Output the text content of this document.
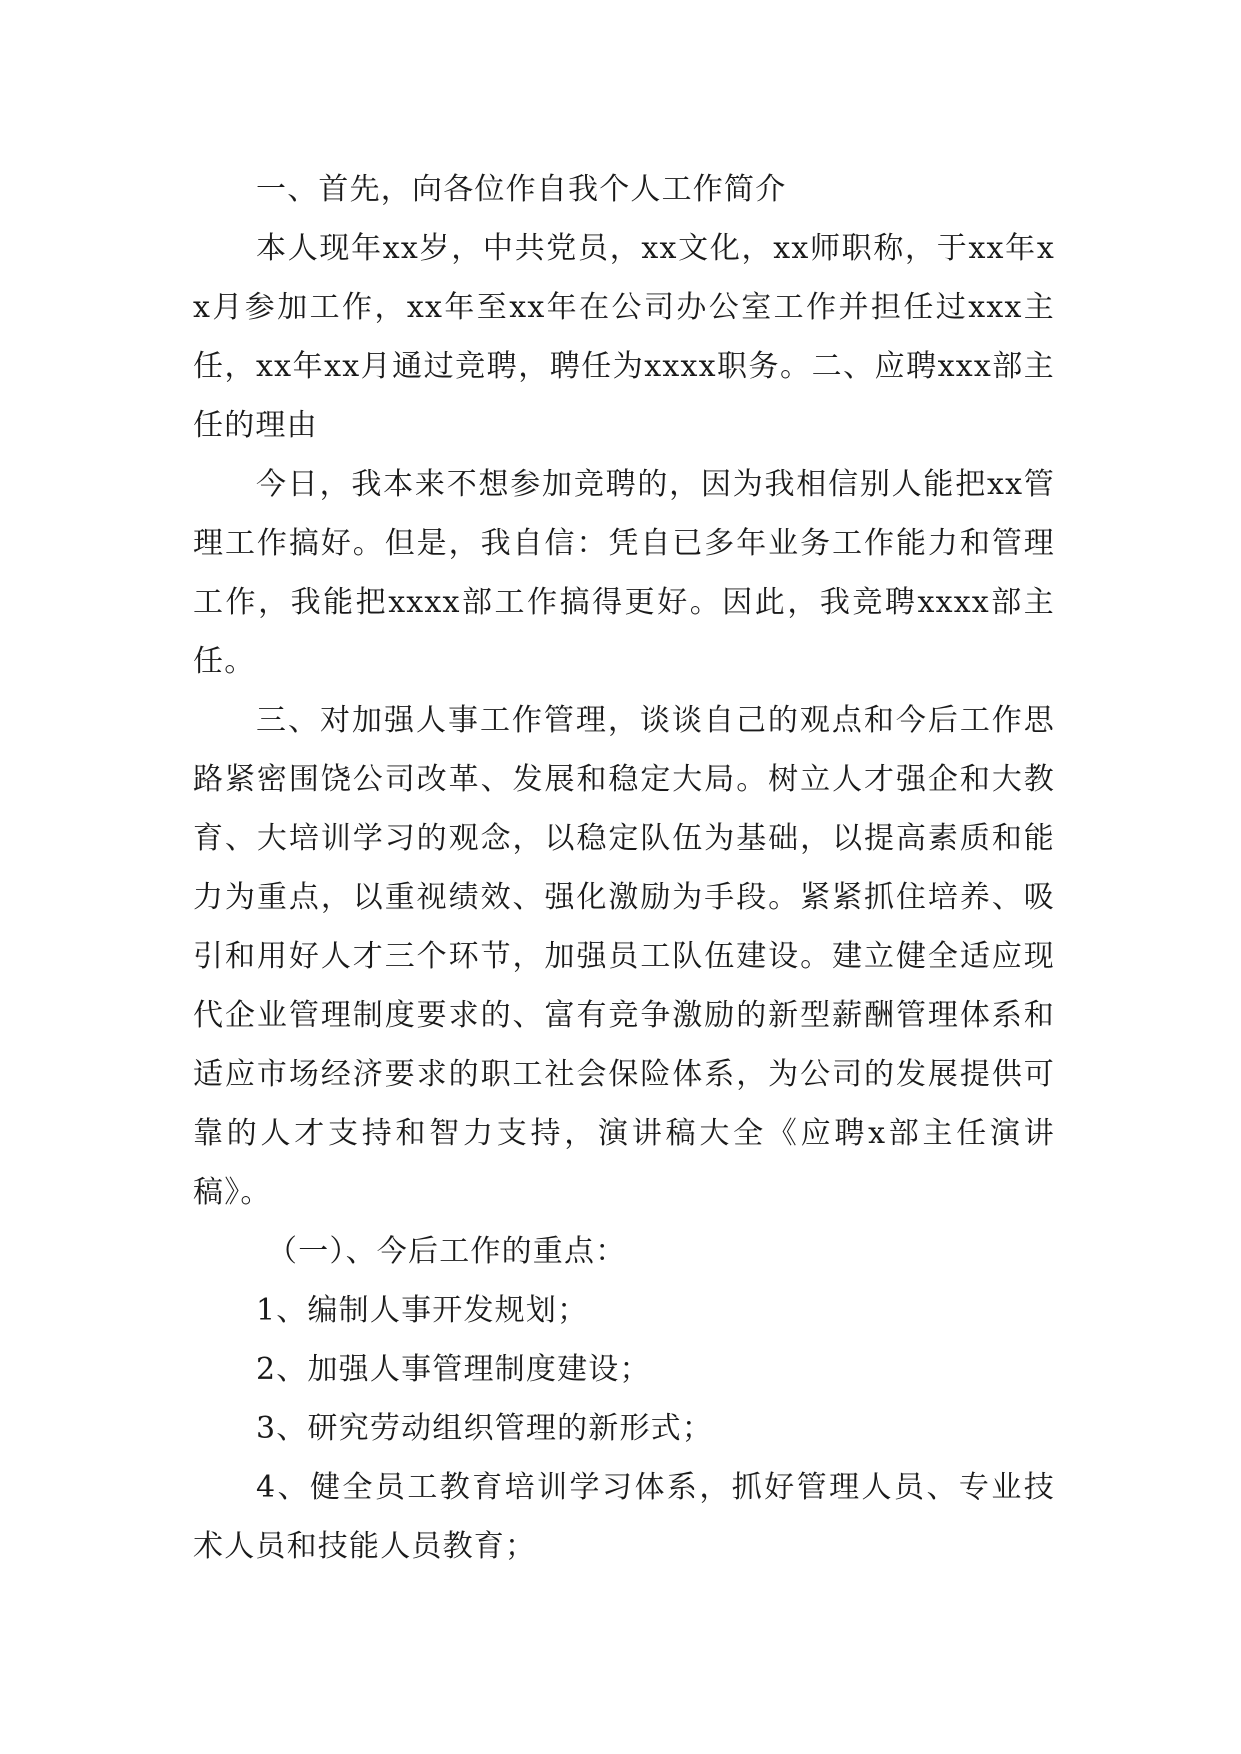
一、首先，向各位作自我个人工作简介

本人现年xx岁，中共党员，xx文化，xx师职称，于xx年xx月参加工作，xx年至xx年在公司办公室工作并担任过xxx主任，xx年xx月通过竞聘，聘任为xxxx职务。二、应聘xxx部主任的理由

今日，我本来不想参加竞聘的，因为我相信别人能把xx管理工作搞好。但是，我自信：凭自已多年业务工作能力和管理工作，我能把xxxx部工作搞得更好。因此，我竞聘xxxx部主任。

三、对加强人事工作管理，谈谈自己的观点和今后工作思路紧密围饶公司改革、发展和稳定大局。树立人才强企和大教育、大培训学习的观念，以稳定队伍为基础，以提高素质和能力为重点，以重视绩效、强化激励为手段。紧紧抓住培养、吸引和用好人才三个环节，加强员工队伍建设。建立健全适应现代企业管理制度要求的、富有竞争激励的新型薪酬管理体系和适应市场经济要求的职工社会保险体系，为公司的发展提供可靠的人才支持和智力支持，演讲稿大全《应聘x部主任演讲稿》。

（一）、今后工作的重点：

1、编制人事开发规划；

2、加强人事管理制度建设；

3、研究劳动组织管理的新形式；

4、健全员工教育培训学习体系，抓好管理人员、专业技术人员和技能人员教育；
